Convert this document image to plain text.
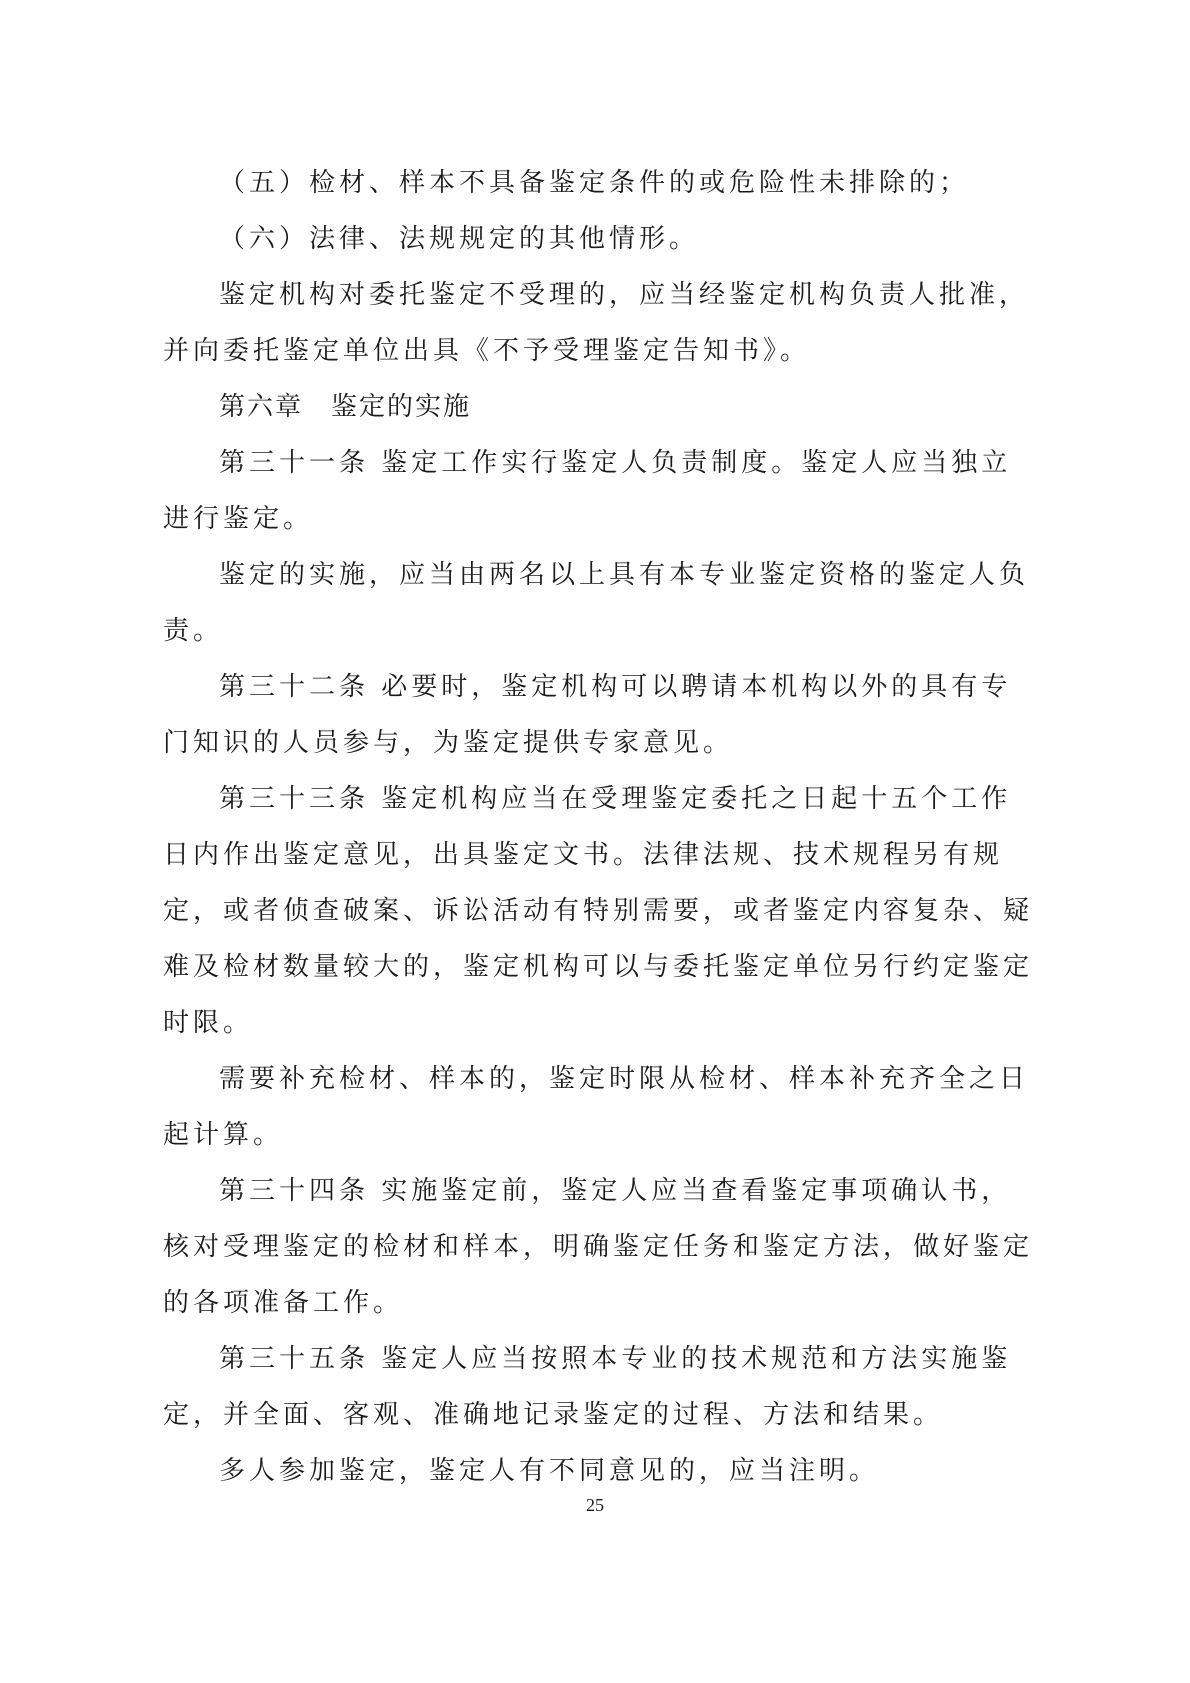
（五）检材、样本不具备鉴定条件的或危险性未排除的；

（六）法律、法规规定的其他情形。

鉴定机构对委托鉴定不受理的，应当经鉴定机构负责人批准，并向委托鉴定单位出具《不予受理鉴定告知书》。

第六章 鉴定的实施

第三十一条 鉴定工作实行鉴定人负责制度。鉴定人应当独立进行鉴定。

鉴定的实施，应当由两名以上具有本专业鉴定资格的鉴定人负责。

第三十二条 必要时，鉴定机构可以聘请本机构以外的具有专门知识的人员参与，为鉴定提供专家意见。

第三十三条 鉴定机构应当在受理鉴定委托之日起十五个工作日内作出鉴定意见，出具鉴定文书。法律法规、技术规程另有规定，或者侦查破案、诉讼活动有特别需要，或者鉴定内容复杂、疑难及检材数量较大的，鉴定机构可以与委托鉴定单位另行约定鉴定时限。

需要补充检材、样本的，鉴定时限从检材、样本补充齐全之日起计算。

第三十四条 实施鉴定前，鉴定人应当查看鉴定事项确认书，核对受理鉴定的检材和样本，明确鉴定任务和鉴定方法，做好鉴定的各项准备工作。

第三十五条 鉴定人应当按照本专业的技术规范和方法实施鉴定，并全面、客观、准确地记录鉴定的过程、方法和结果。

多人参加鉴定，鉴定人有不同意见的，应当注明。

25
